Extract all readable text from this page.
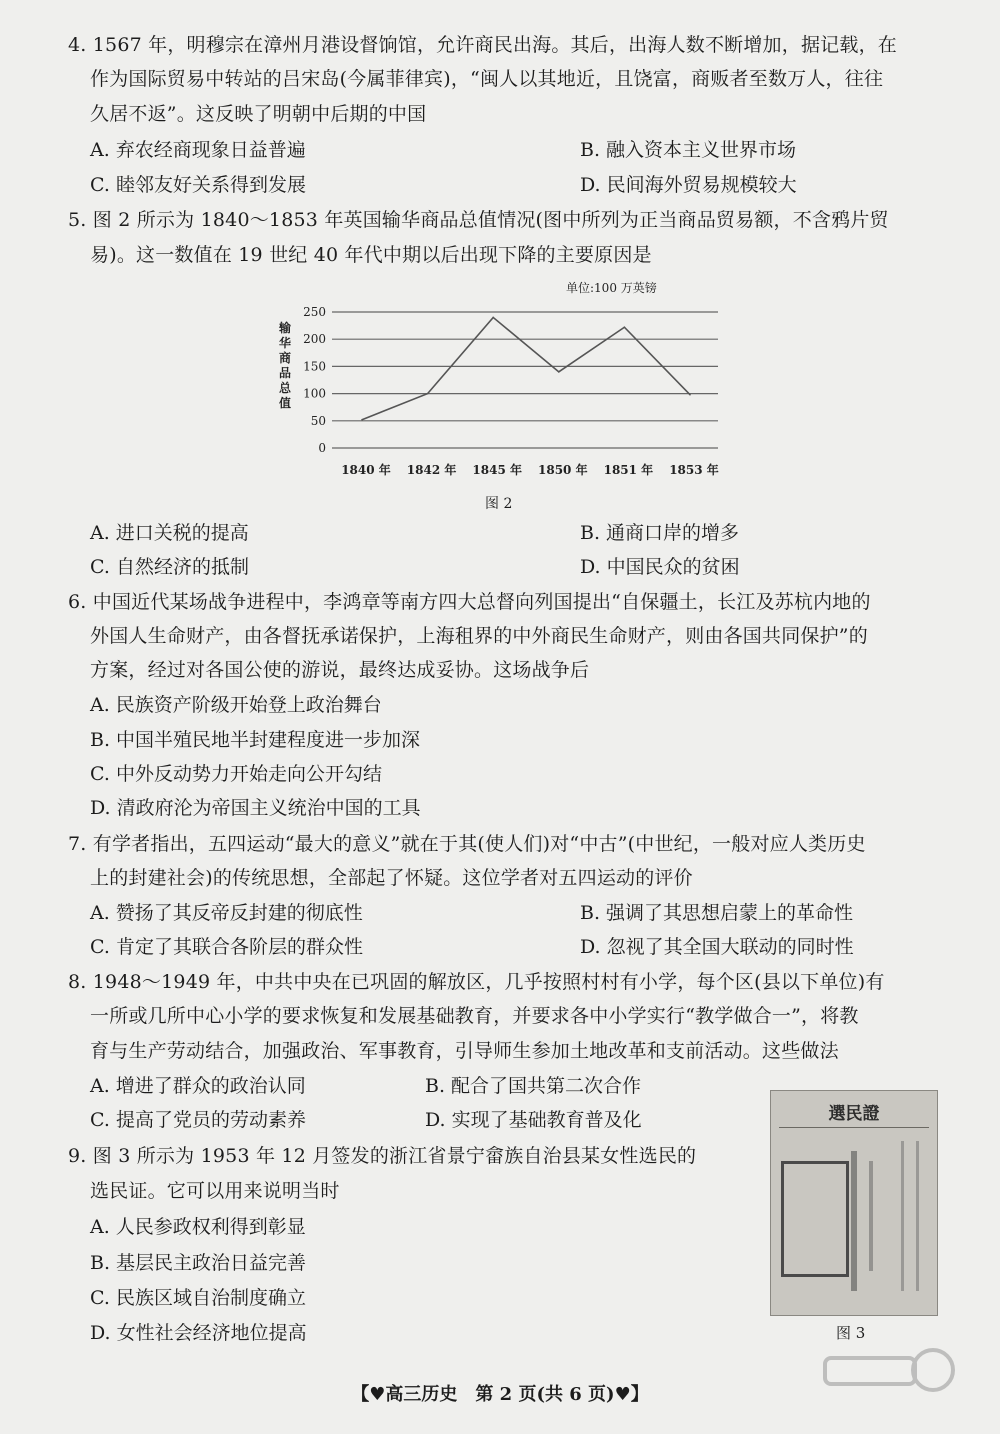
4. 1567 年，明穆宗在漳州月港设督饷馆，允许商民出海。其后，出海人数不断增加，据记载，在
作为国际贸易中转站的吕宋岛(今属菲律宾)，“闽人以其地近，且饶富，商贩者至数万人，往往
久居不返”。这反映了明朝中后期的中国
A. 弃农经商现象日益普遍	B. 融入资本主义世界市场
C. 睦邻友好关系得到发展	D. 民间海外贸易规模较大
5. 图 2 所示为 1840～1853 年英国输华商品总值情况(图中所列为正当商品贸易额，不含鸦片贸
易)。这一数值在 19 世纪 40 年代中期以后出现下降的主要原因是
单位:100 万英镑
0
50
100
150
200
250
输
华
商
品
总
值
1840 年 1842 年 1845 年 1850 年 1851 年 1853 年
图 2
A. 进口关税的提高	B. 通商口岸的增多
C. 自然经济的抵制	D. 中国民众的贫困
6. 中国近代某场战争进程中，李鸿章等南方四大总督向列国提出“自保疆土，长江及苏杭内地的
外国人生命财产，由各督抚承诺保护，上海租界的中外商民生命财产，则由各国共同保护”的
方案，经过对各国公使的游说，最终达成妥协。这场战争后
A. 民族资产阶级开始登上政治舞台
B. 中国半殖民地半封建程度进一步加深
C. 中外反动势力开始走向公开勾结
D. 清政府沦为帝国主义统治中国的工具
7. 有学者指出，五四运动“最大的意义”就在于其(使人们)对“中古”(中世纪，一般对应人类历史
上的封建社会)的传统思想，全部起了怀疑。这位学者对五四运动的评价
A. 赞扬了其反帝反封建的彻底性	B. 强调了其思想启蒙上的革命性
C. 肯定了其联合各阶层的群众性	D. 忽视了其全国大联动的同时性
8. 1948～1949 年，中共中央在已巩固的解放区，几乎按照村村有小学，每个区(县以下单位)有
一所或几所中心小学的要求恢复和发展基础教育，并要求各中小学实行“教学做合一”，将教
育与生产劳动结合，加强政治、军事教育，引导师生参加土地改革和支前活动。这些做法
A. 增进了群众的政治认同	B. 配合了国共第二次合作
C. 提高了党员的劳动素养	D. 实现了基础教育普及化
9. 图 3 所示为 1953 年 12 月签发的浙江省景宁畲族自治县某女性选民的
选民证。它可以用来说明当时
A. 人民参政权利得到彰显
B. 基层民主政治日益完善
C. 民族区域自治制度确立
D. 女性社会经济地位提高
選民證
图 3
【♥高三历史　第 2 页(共 6 页)♥】
